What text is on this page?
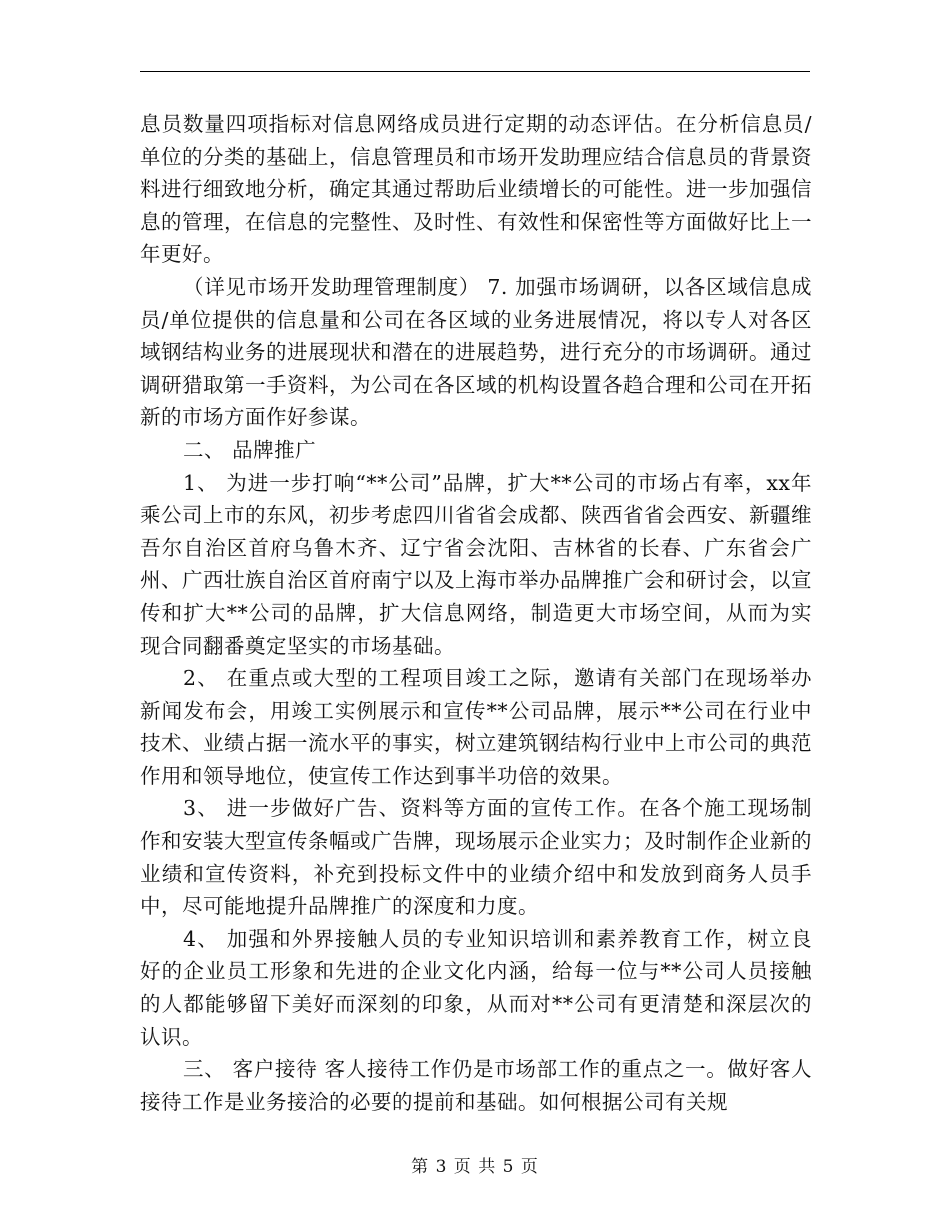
息员数量四项指标对信息网络成员进行定期的动态评估。在分析信息员/单位的分类的基础上，信息管理员和市场开发助理应结合信息员的背景资料进行细致地分析，确定其通过帮助后业绩增长的可能性。进一步加强信息的管理，在信息的完整性、及时性、有效性和保密性等方面做好比上一年更好。

（详见市场开发助理管理制度） 7. 加强市场调研，以各区域信息成员/单位提供的信息量和公司在各区域的业务进展情况，将以专人对各区域钢结构业务的进展现状和潜在的进展趋势，进行充分的市场调研。通过调研猎取第一手资料，为公司在各区域的机构设置各趋合理和公司在开拓新的市场方面作好参谋。

二、 品牌推广

1、 为进一步打响“**公司”品牌，扩大**公司的市场占有率，xx年乘公司上市的东风，初步考虑四川省省会成都、陕西省省会西安、新疆维吾尔自治区首府乌鲁木齐、辽宁省会沈阳、吉林省的长春、广东省会广州、广西壮族自治区首府南宁以及上海市举办品牌推广会和研讨会，以宣传和扩大**公司的品牌，扩大信息网络，制造更大市场空间，从而为实现合同翻番奠定坚实的市场基础。

2、 在重点或大型的工程项目竣工之际，邀请有关部门在现场举办新闻发布会，用竣工实例展示和宣传**公司品牌，展示**公司在行业中技术、业绩占据一流水平的事实，树立建筑钢结构行业中上市公司的典范作用和领导地位，使宣传工作达到事半功倍的效果。

3、 进一步做好广告、资料等方面的宣传工作。在各个施工现场制作和安装大型宣传条幅或广告牌，现场展示企业实力；及时制作企业新的业绩和宣传资料，补充到投标文件中的业绩介绍中和发放到商务人员手中，尽可能地提升品牌推广的深度和力度。

4、 加强和外界接触人员的专业知识培训和素养教育工作，树立良好的企业员工形象和先进的企业文化内涵，给每一位与**公司人员接触的人都能够留下美好而深刻的印象，从而对**公司有更清楚和深层次的认识。

三、 客户接待 客人接待工作仍是市场部工作的重点之一。做好客人接待工作是业务接洽的必要的提前和基础。如何根据公司有关规

第 3 页 共 5 页
